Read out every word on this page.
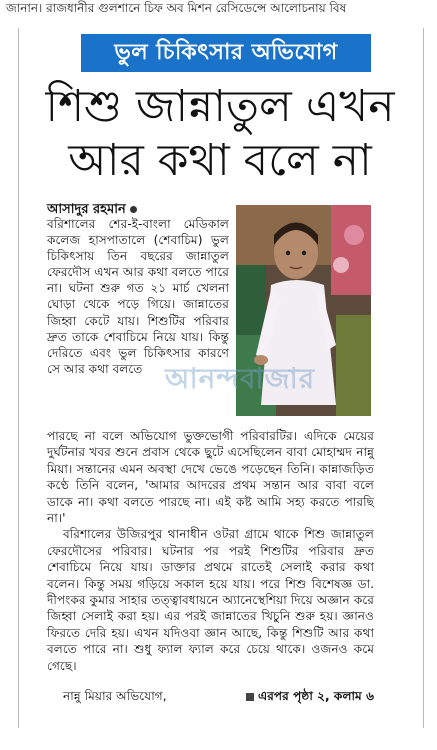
জানান। রাজধানীর গুলশানে চিফ অব মিশন রেসিডেন্সে আলোচনায় বিষ
ভুল চিকিৎসার অভিযোগ
শিশু জান্নাতুল এখন
আর কথা বলে না
আসাদুর রহমান
বরিশালের শের-ই-বাংলা মেডিকাল কলেজ হাসপাতালে (শেবাচিম) ভুল চিকিৎসায় তিন বছরের জান্নাতুল ফেরদৌস এখন আর কথা বলতে পারে না। ঘটনা শুরু গত ২১ মার্চ খেলনা ঘোড়া থেকে পড়ে গিয়ে। জান্নাতের জিহ্বা কেটে যায়। শিশুটির পরিবার দ্রুত তাকে শেবাচিমে নিয়ে যায়। কিন্তু দেরিতে এবং ভুল চিকিৎসার কারণে সে আর কথা বলতে আনন্দবাজার

পারছে না বলে অভিযোগ ভুক্তভোগী পরিবারটির। এদিকে মেয়ের দুর্ঘটনার খবর শুনে প্রবাস থেকে ছুটে এসেছিলেন বাবা মোহাম্মদ নান্নু মিয়া। সন্তানের এমন অবস্থা দেখে ভেঙে পড়েছেন তিনি। কান্নাজড়িত কণ্ঠে তিনি বলেন, 'আমার আদরের প্রথম সন্তান আর বাবা বলে ডাকে না। কথা বলতে পারছে না। এই কষ্ট আমি সহ্য করতে পারছি না।'

বরিশালের উজিরপুর থানাধীন ওটরা গ্রামে থাকে শিশু জান্নাতুল ফেরদৌসের পরিবার। ঘটনার পর পরই শিশুটির পরিবার দ্রুত শেবাচিমে নিয়ে যায়। ডাক্তার প্রথমে রাতেই সেলাই করার কথা বলেন। কিন্তু সময় গড়িয়ে সকাল হয়ে যায়। পরে শিশু বিশেষজ্ঞ ডা. দীপংকর কুমার সাহার তত্ত্বাবধায়নে অ্যানেস্থেশিয়া দিয়ে অজ্ঞান করে জিহ্বা সেলাই করা হয়। এর পরই জান্নাতের খিচুনি শুরু হয়। জ্ঞানও ফিরতে দেরি হয়। এখন যদিওবা জ্ঞান আছে, কিন্তু শিশুটি আর কথা বলতে পারে না। শুধু ফ্যাল ফ্যাল করে চেয়ে থাকে। ওজনও কমে গেছে।

নান্নু মিয়ার অভিযোগ,	এরপর পৃষ্ঠা ২, কলাম ৬
